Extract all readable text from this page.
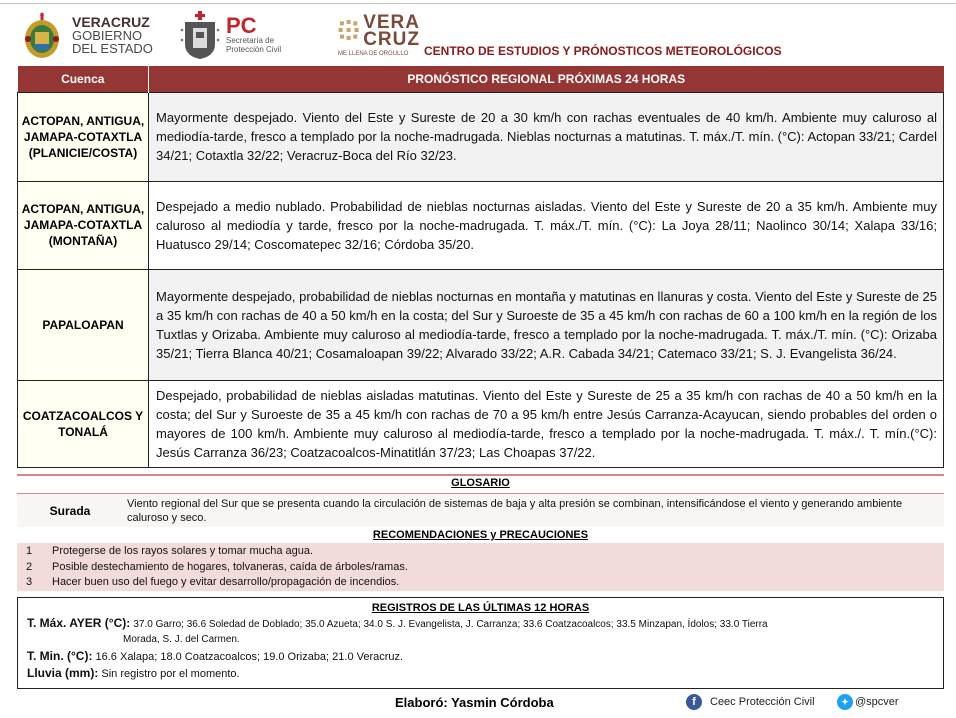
VERACRUZ
GOBIERNO
DEL ESTADO
PC
Secretaría de
Protección Civil
VERA
CRUZ
ME LLENA DE ORGULLO CENTRO DE ESTUDIOS Y PRÓNOSTICOS METEOROLÓGICOS
Cuenca	PRONÓSTICO REGIONAL PRÓXIMAS 24 HORAS
ACTOPAN, ANTIGUA, JAMAPA-COTAXTLA (PLANICIE/COSTA)	Mayormente despejado. Viento del Este y Sureste de 20 a 30 km/h con rachas eventuales de 40 km/h. Ambiente muy caluroso al mediodía-tarde, fresco a templado por la noche-madrugada. Nieblas nocturnas a matutinas. T. máx./T. mín. (°C): Actopan 33/21; Cardel 34/21; Cotaxtla 32/22; Veracruz-Boca del Río 32/23.
ACTOPAN, ANTIGUA, JAMAPA-COTAXTLA (MONTAÑA)	Despejado a medio nublado. Probabilidad de nieblas nocturnas aisladas. Viento del Este y Sureste de 20 a 35 km/h. Ambiente muy caluroso al mediodía y tarde, fresco por la noche-madrugada. T. máx./T. mín. (°C): La Joya 28/11; Naolinco 30/14; Xalapa 33/16; Huatusco 29/14; Coscomatepec 32/16; Córdoba 35/20.
PAPALOAPAN	Mayormente despejado, probabilidad de nieblas nocturnas en montaña y matutinas en llanuras y costa. Viento del Este y Sureste de 25 a 35 km/h con rachas de 40 a 50 km/h en la costa; del Sur y Suroeste de 35 a 45 km/h con rachas de 60 a 100 km/h en la región de los Tuxtlas y Orizaba. Ambiente muy caluroso al mediodía-tarde, fresco a templado por la noche-madrugada. T. máx./T. mín. (°C): Orizaba 35/21; Tierra Blanca 40/21; Cosamaloapan 39/22; Alvarado 33/22; A.R. Cabada 34/21; Catemaco 33/21; S. J. Evangelista 36/24.
COATZACOALCOS Y TONALÁ	Despejado, probabilidad de nieblas aisladas matutinas. Viento del Este y Sureste de 25 a 35 km/h con rachas de 40 a 50 km/h en la costa; del Sur y Suroeste de 35 a 45 km/h con rachas de 70 a 95 km/h entre Jesús Carranza-Acayucan, siendo probables del orden o mayores de 100 km/h. Ambiente muy caluroso al mediodía-tarde, fresco a templado por la noche-madrugada. T. máx./. T. mín.(°C): Jesús Carranza 36/23; Coatzacoalcos-Minatitlán 37/23; Las Choapas 37/22.
GLOSARIO
Surada	Viento regional del Sur que se presenta cuando la circulación de sistemas de baja y alta presión se combinan, intensificándose el viento y generando ambiente caluroso y seco.
RECOMENDACIONES y PRECAUCIONES
1	Protegerse de los rayos solares y tomar mucha agua.
2	Posible destechamiento de hogares, tolvaneras, caída de árboles/ramas.
3	Hacer buen uso del fuego y evitar desarrollo/propagación de incendios.
REGISTROS DE LAS ÚLTIMAS 12 HORAS
T. Máx. AYER (°C): 37.0 Garro; 36.6 Soledad de Doblado; 35.0 Azueta; 34.0 S. J. Evangelista, J. Carranza; 33.6 Coatzacoalcos; 33.5 Minzapan, Ídolos; 33.0 Tierra
Morada, S. J. del Carmen.
T. Min. (°C): 16.6 Xalapa; 18.0 Coatzacoalcos; 19.0 Orizaba; 21.0 Veracruz.
Lluvia (mm): Sin registro por el momento.
Elaboró: Yasmin Córdoba	f	Ceec Protección Civil	✦ @spcver
